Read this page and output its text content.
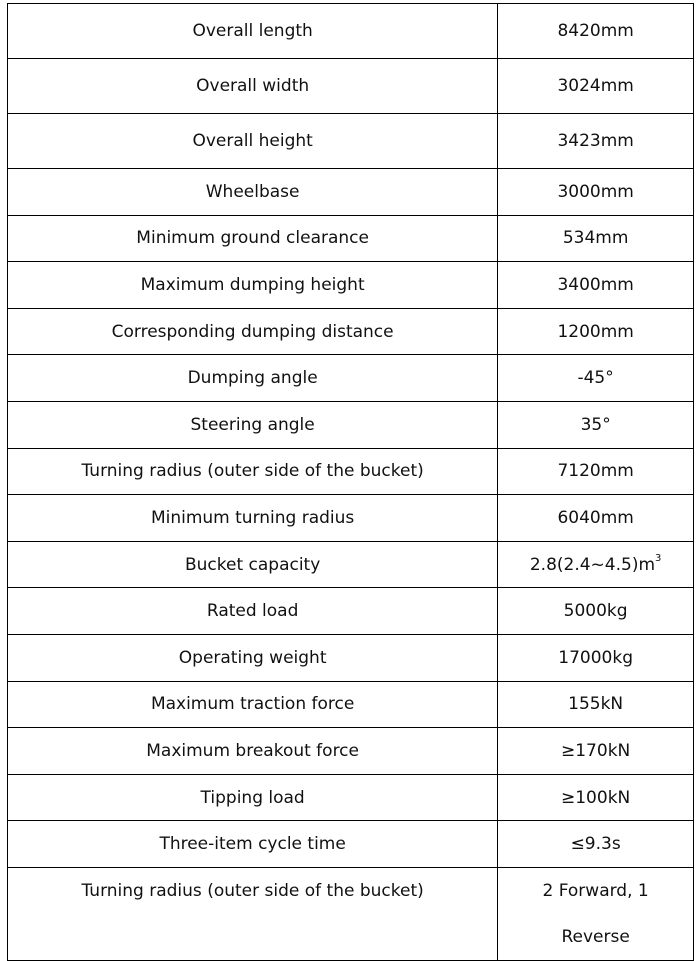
Overall length	8420mm
Overall width	3024mm
Overall height	3423mm
Wheelbase	3000mm
Minimum ground clearance	534mm
Maximum dumping height	3400mm
Corresponding dumping distance	1200mm
Dumping angle	-45°
Steering angle	35°
Turning radius (outer side of the bucket)	7120mm
Minimum turning radius	6040mm
Bucket capacity	$2.8(2.4\sim 4.5)m^3$
Rated load	5000kg
Operating weight	17000kg
Maximum traction force	155kN
Maximum breakout force	≥170kN
Tipping load	≥100kN
Three-item cycle time	≤9.3s
Turning radius (outer side of the bucket)	2 Forward, 1
Reverse
